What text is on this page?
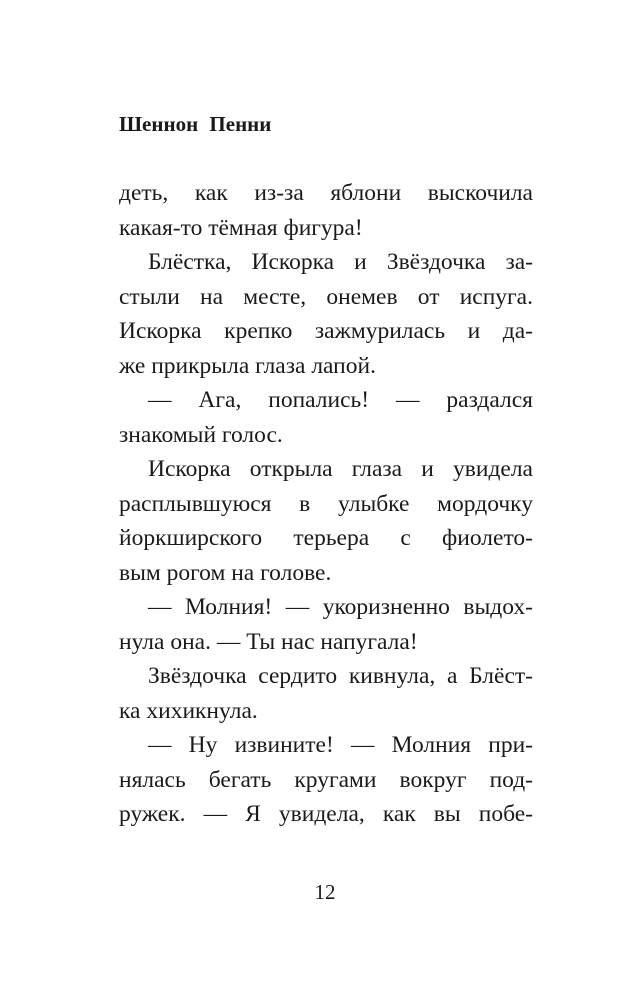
Шеннон Пенни
деть, как из-за яблони выскочила
какая-то тёмная фигура!
Блёстка, Искорка и Звёздочка за-
стыли на месте, онемев от испуга.
Искорка крепко зажмурилась и да-
же прикрыла глаза лапой.
— Ага, попались! — раздался
знакомый голос.
Искорка открыла глаза и увидела
расплывшуюся в улыбке мордочку
йоркширского терьера с фиолето-
вым рогом на голове.
— Молния! — укоризненно выдох-
нула она. — Ты нас напугала!
Звёздочка сердито кивнула, а Блёст-
ка хихикнула.
— Ну извините! — Молния при-
нялась бегать кругами вокруг под-
ружек. — Я увидела, как вы побе-
12
